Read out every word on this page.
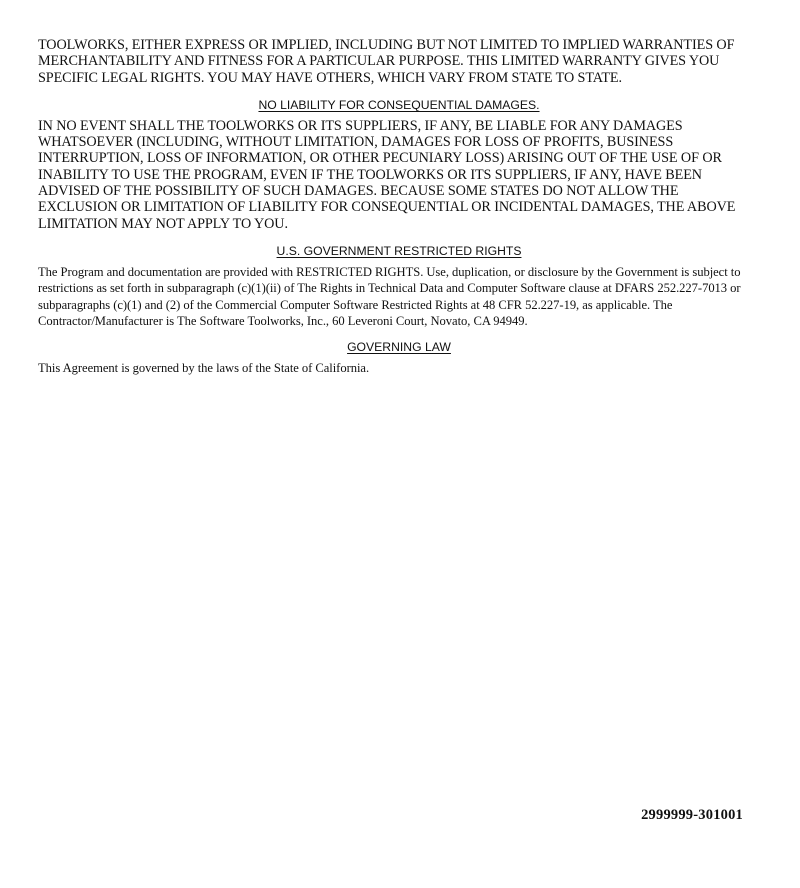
TOOLWORKS, EITHER EXPRESS OR IMPLIED, INCLUDING BUT NOT LIMITED TO IMPLIED WARRANTIES OF MERCHANTABILITY AND FITNESS FOR A PARTICULAR PURPOSE. THIS LIMITED WARRANTY GIVES YOU SPECIFIC LEGAL RIGHTS. YOU MAY HAVE OTHERS, WHICH VARY FROM STATE TO STATE.

NO LIABILITY FOR CONSEQUENTIAL DAMAGES.

IN NO EVENT SHALL THE TOOLWORKS OR ITS SUPPLIERS, IF ANY, BE LIABLE FOR ANY DAMAGES WHATSOEVER (INCLUDING, WITHOUT LIMITATION, DAMAGES FOR LOSS OF PROFITS, BUSINESS INTERRUPTION, LOSS OF INFORMATION, OR OTHER PECUNIARY LOSS) ARISING OUT OF THE USE OF OR INABILITY TO USE THE PROGRAM, EVEN IF THE TOOLWORKS OR ITS SUPPLIERS, IF ANY, HAVE BEEN ADVISED OF THE POSSIBILITY OF SUCH DAMAGES. BECAUSE SOME STATES DO NOT ALLOW THE EXCLUSION OR LIMITATION OF LIABILITY FOR CONSEQUENTIAL OR INCIDENTAL DAMAGES, THE ABOVE LIMITATION MAY NOT APPLY TO YOU.

U.S. GOVERNMENT RESTRICTED RIGHTS

The Program and documentation are provided with RESTRICTED RIGHTS. Use, duplication, or disclosure by the Government is subject to restrictions as set forth in subparagraph (c)(1)(ii) of The Rights in Technical Data and Computer Software clause at DFARS 252.227-7013 or subparagraphs (c)(1) and (2) of the Commercial Computer Software Restricted Rights at 48 CFR 52.227-19, as applicable. The Contractor/Manufacturer is The Software Toolworks, Inc., 60 Leveroni Court, Novato, CA 94949.

GOVERNING LAW

This Agreement is governed by the laws of the State of California.

2999999-301001
